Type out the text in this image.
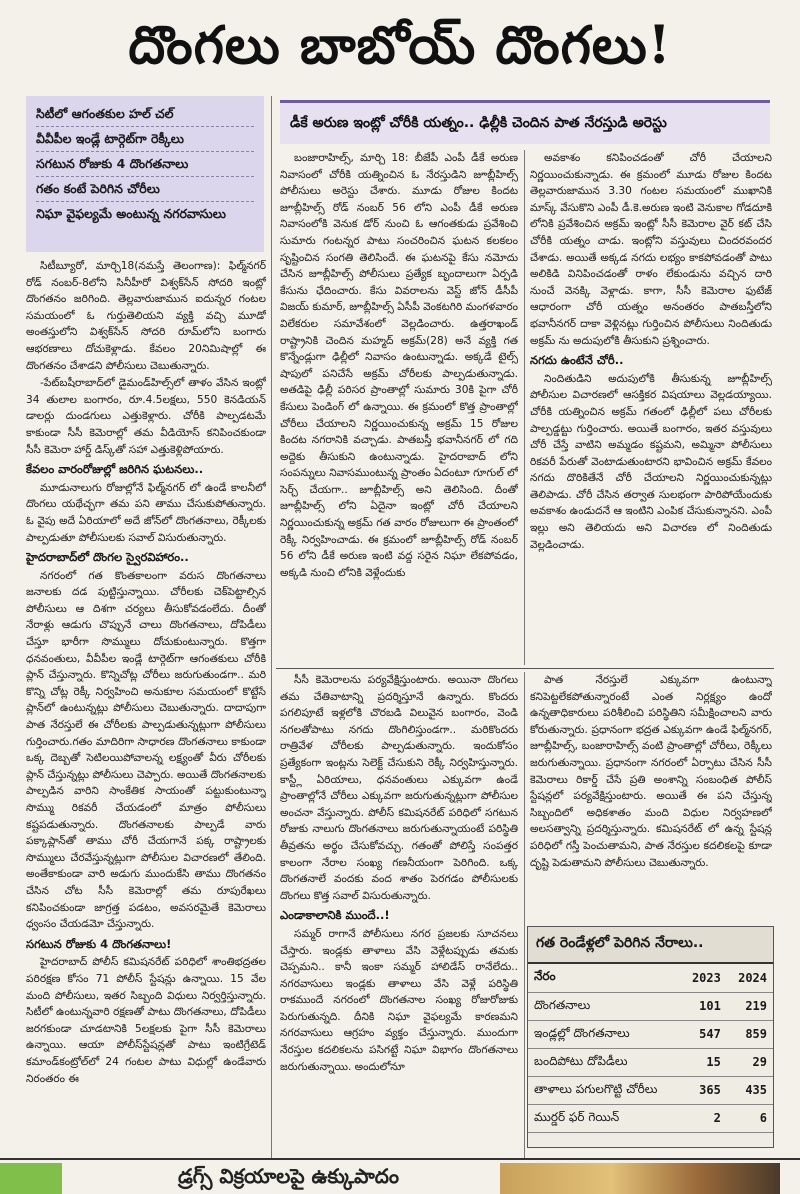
దొంగలు బాబోయ్ దొంగలు!
సిటీలో ఆగంతకుల హల్ చల్
వీవీపీల ఇండ్లే టార్గెట్‌గా రెక్కీలు
సగటున రోజుకు 4 దొంగతనాలు
గతం కంటే పెరిగిన చోరీలు
నిఘా వైఫల్యమే అంటున్న నగరవాసులు
డీకే అరుణ ఇంట్లో చోరీకి యత్నం.. ఢిల్లీకి చెందిన పాత నేరస్తుడి అరెస్టు

సిటీబ్యూరో, మార్చి18(నమస్తే తెలంగాణ): ఫిల్మ్‌నగర్ రోడ్ నంబర్-8లోని సినీహీరో విశ్వక్‌సేన్ సోదరి ఇంట్లో దొంగతనం జరిగింది. తెల్లవారుజామున ఐదున్నర గంటల సమయంలో ఓ గుర్తుతెలియని వ్యక్తి వచ్చి మూడో అంతస్తులోని విశ్వక్‌సేన్ సోదరి రూమ్‌లోని బంగారు ఆభరణాలు దోచుకెళ్లాడు. కేవలం 20నిమిషాల్లో ఈ దొంగతనం చేశాడని పోలీసులు చెబుతున్నారు.

-పేట్‌బషీరాబాద్‌లో డైమండ్‌హిల్స్‌లో తాళం వేసిన ఇంట్లో 34 తులాల బంగారం, రూ.4.5లక్షలు, 550 కెనడియన్ డాలర్లు దుండగులు ఎత్తుకెళ్లారు. చోరీకి పాల్పడటమే కాకుండా సీసీ కెమెరాల్లో తమ వీడియోస్ కనిపించకుండా సీసీ కెమెరా హార్డ్ డిస్క్‌తో సహా ఎత్తుకెళ్లిపోయారు.

కేవలం వారంరోజుల్లో జరిగిన ఘటనలు..

మూడునాలుగు రోజుల్లోనే ఫిల్మ్‌నగర్ లో ఉండే కాలనీలో దొంగలు యథేచ్ఛగా తమ పని తాము చేసుకుపోతున్నారు. ఓ వైపు అదే ఏరియాలో అదే జోన్‌లో దొంగతనాలు, రెక్కీలకు పాల్పడుతూ పోలీసులకు సవాల్ విసురుతున్నారు.

హైదరాబాద్‌లో దొంగల స్వైరవిహారం..

నగరంలో గత కొంతకాలంగా వరుస దొంగతనాలు జనాలకు దడ పుట్టిస్తున్నాయి. చోరీలకు చెక్‌పెట్టాల్సిన పోలీసులు ఆ దిశగా చర్యలు తీసుకోవడంలేదు. దీంతో నేరాళ్లు ఆడుగు చొప్పునే చాలు దొంగతనాలు, దోపిడీలు చేస్తూ భారీగా సొమ్ములు దోచుకుంటున్నారు. కొత్తగా ధనవంతులు, వీవీపీల ఇండ్లే టార్గెట్‌గా ఆగంతకులు చోరీకి ప్లాన్ చేస్తున్నారు. కొన్నిచోట్ల చోరీలు జరుగుతుండగా.. మరి కొన్ని చోట్ల రెక్కీ నిర్వహించి అనుకూల సమయంలో కొట్టేసే ప్లాన్‌లో ఉంటున్నట్లు పోలీసులు చెబుతున్నారు. దాదాపుగా పాత నేరస్తులే ఈ చోరీలకు పాల్పడుతున్నట్లుగా పోలీసులు గుర్తించారు.గతం మాదిరిగా సాధారణ దొంగతనాలు కాకుండా ఒక్క దెబ్బతో సెటిలయిపోవాలన్న లక్ష్యంతో వీరు చోరీలకు ప్లాన్ చేస్తున్నట్లు పోలీసులు చెప్పారు. అయితే దొంగతనాలకు పాల్పడిన వారిని సాంకేతిక సాయంతో పట్టుకుంటున్నా సొమ్ము రికవరీ చేయడంలో మాత్రం పోలీసులు కష్టపడుతున్నారు. దొంగతనాలకు పాల్పడే వారు పక్కాప్లాన్‌తో తాము చోరీ చేయగానే పక్క రాష్ట్రాలకు సొమ్ములు చేరవేస్తున్నట్లుగా పోలీసుల విచారణలో తేలింది. అంతేకాకుండా వారి అడుగు ముందుకేసి తాము దొంగతనం చేసిన చోట సీసీ కెమెరాల్లో తమ రూపురేఖలు కనిపించకుండా జాగ్రత్త పడటం, అవసరమైతే కెమెరాలు ధ్వంసం చేయడమో చేస్తున్నారు.

సగటున రోజుకు 4 దొంగతనాలు!

హైదరాబాద్ పోలీస్ కమిషనరేట్ పరిధిలో శాంతిభద్రతల పరిరక్షణ కోసం 71 పోలీస్ స్టేషన్లు ఉన్నాయి. 15 వేల మంది పోలీసులు, ఇతర సిబ్బంది విధులు నిర్వర్తిస్తున్నారు. సిటీలో ఉంటున్నవారి రక్షణతో పాటు దొంగతనాలు, దోపిడీలు జరగకుండా చూడటానికి 5లక్షలకు పైగా సీసీ కెమెరాలు ఉన్నాయి. ఆయా పోలీస్‌స్టేషన్లతో పాటు ఇంటిగ్రేటెడ్ కమాండ్‌కంట్రోల్‌లో 24 గంటల పాటు విధుల్లో ఉండేవారు నిరంతరం ఈ

బంజారాహిల్స్, మార్చి 18: బీజేపీ ఎంపీ డీకే అరుణ నివాసంలో చోరీకి యత్నించిన ఓ నేరస్తుడిని జూబ్లీహిల్స్ పోలీసులు అరెస్టు చేశారు. మూడు రోజుల కిందట జూబ్లీహిల్స్ రోడ్ నంబర్ 56 లోని ఎంపీ డీకే అరుణ నివాసంలోకి వెనుక డోర్ నుంచి ఓ ఆగంతకుడు ప్రవేశించి సుమారు గంటన్నర పాటు సంచరించిన ఘటన కలకలం సృష్టించిన సంగతి తెలిసిందే. ఈ ఘటనపై కేసు నమోదు చేసిన జూబ్లీహిల్స్ పోలీసులు ప్రత్యేక బృందాలుగా ఏర్పడి కేసును ఛేదించారు. కేసు వివరాలను వెస్ట్ జోన్ డీసీపీ విజయ్ కుమార్, జూబ్లీహిల్స్ ఏసీపీ వెంకటగిరి మంగళవారం విలేకరుల సమావేశంలో వెల్లడించారు. ఉత్తరాఖండ్ రాష్ట్రానికి చెందిన మహ్మద్ అక్రమ్(28) అనే వ్యక్తి గత కొన్నేండ్లుగా ఢిల్లీలో నివాసం ఉంటున్నాడు. అక్కడే టైల్స్ షాపులో పనిచేసే అక్రమ్ చోరీలకు పాల్పడుతున్నాడు. అతడిపై ఢిల్లీ పరిసర ప్రాంతాల్లో సుమారు 30కి పైగా చోరీ కేసులు పెండింగ్ లో ఉన్నాయి. ఈ క్రమంలో కొత్త ప్రాంతాల్లో చోరీలు చేయాలని నిర్ణయించుకున్న అక్రమ్ 15 రోజుల కిందట నగరానికి వచ్చాడు. పాతబస్తీ భవానీనగర్ లో గది అద్దెకు తీసుకుని ఉంటున్నాడు. హైదరాబాద్ లోని సంపన్నులు నివాసముంటున్న ప్రాంతం ఏదంటూ గూగుల్ లో సెర్చ్ చేయగా.. జూబ్లీహిల్స్ అని తెలిసింది. దీంతో జూబ్లీహిల్స్ లోని ఏదైనా ఇంట్లో చోరీ చేయాలని నిర్ణయించుకున్న అక్రమ్ గత వారం రోజులుగా ఈ ప్రాంతంలో రెక్కీ నిర్వహించాడు. ఈ క్రమంలో జూబ్లీహిల్స్ రోడ్ నంబర్ 56 లోని డీకే అరుణ ఇంటి వద్ద సరైన నిఘా లేకపోవడం, అక్కడి నుంచి లోనికి వెళ్లేందుకు

అవకాశం కనిపించడంతో చోరీ చేయాలని నిర్ణయించుకున్నాడు. ఈ క్రమంలో మూడు రోజుల కిందట తెల్లవారుజామున 3.30 గంటల సమయంలో ముఖానికి మాస్క్ వేసుకొని ఎంపీ డీ.కె.అరుణ ఇంటి వెనుకాల గోడదూకి లోనికి ప్రవేశించిన అక్రమ్ ఇంట్లో సీసీ కెమెరాల వైర్ కట్ చేసి చోరీకి యత్నం చాడు. ఇంట్లోని వస్తువులు చిందరవందర చేశాడు. అయితే అక్కడ నగదు లభ్యం కాకపోవడంతో పాటు అలికిడి వినిపించడంతో రాళం లేకుండును వచ్చిన దారి నుంచే వెనక్కి వెళ్లాడు. కాగా, సీసీ కెమెరాల ఫుటేజ్ ఆధారంగా చోరీ యత్నం అనంతరం పాతబస్తీలోని భవానీనగర్ దాకా వెళ్లినట్లు గుర్తించిన పోలీసులు నిందితుడు అక్రమ్ ను అదుపులోకి తీసుకుని ప్రశ్నించారు.

నగదు ఉంటేనే చోరీ..

నిందితుడిని అదుపులోకి తీసుకున్న జూబ్లీహిల్స్ పోలీసుల విచారణలో ఆసక్తికర విషయాలు వెల్లడయ్యాయి. చోరీకి యత్నించిన అక్రమ్ గతంలో ఢిల్లీలో పలు చోరీలకు పాల్పడ్డట్టు గుర్తించారు. అయితే బంగారం, ఇతర వస్తువులు చోరీ చేస్తే వాటిని అమ్మడం కష్టమని, అమ్మినా పోలీసులు రికవరీ పేరుతో వెంటాడుతుంటారని భావించిన అక్రమ్ కేవలం నగదు దొరికితేనే చోరీ చేయాలని నిర్ణయించుకున్నట్లు తెలిపాడు. చోరీ చేసిన తర్వాత సులభంగా పారిపోయేందుకు అవకాశం ఉండుదనే ఆ ఇంటిని ఎంపిక చేసుకున్నానని. ఎంపీ ఇల్లు అని తెలియదు అని విచారణ లో నిందితుడు వెల్లడించాడు.

సీసీ కెమెరాలను పర్యవేక్షిస్తుంటారు. అయినా దొంగలు తమ చేతివాటాన్ని ప్రదర్శిస్తూనే ఉన్నారు. కొందరు పగలిపూటే ఇళ్లలోకి చొరబడి విలువైన బంగారం, వెండి నగలతోపాటు నగదు దొంగిలిస్తుండగా.. మరికొందరు రాత్రివేళ చోరీలకు పాల్పడుతున్నారు. ఇందుకోసం ప్రత్యేకంగా ఇంట్లను సెలెక్ట్ చేసుకుని రెక్కీ నిర్వహిస్తున్నారు. కాస్ట్లీ ఏరియాలు, ధనవంతులు ఎక్కువగా ఉండే ప్రాంతాల్లోనే చోరీలు ఎక్కువగా జరుగుతున్నట్లుగా పోలీసుల అంచనా వేస్తున్నారు. పోలీస్ కమిషనరేట్ పరిధిలో సగటున రోజుకు నాలుగు దొంగతనాలు జరుగుతున్నాయంటే పరిస్థితి తీవ్రతను అర్థం చేసుకోవచ్చు. గతంతో పోలిస్తే సంపత్తర కాలంగా నేరాల సంఖ్య గణనీయంగా పెరిగింది. ఒక్క దొంగతనాలే వందకు వంద శాతం పెరగడం పోలీసులకు దొంగలు కొత్త సవాల్ విసురుతున్నారు.

ఎండాకాలానికి ముందే..!

సమ్మర్ రాగానే పోలీసులు నగర ప్రజలకు సూచనలు చేస్తారు. ఇండ్లకు తాళాలు వేసి వెళ్లేటప్పుడు తమకు చెప్పమని.. కానీ ఇంకా సమ్మర్ హాలిడేస్ రానేలేదు.. నగరవాసులు ఇండ్లకు తాళాలు వేసి వెళ్లే పరిస్థితి రాకముందే నగరంలో దొంగతనాల సంఖ్య రోజురోజుకు పెరుగుతున్నది. దీనికి నిఘా వైఫల్యమే కారణమని నగరవాసులు ఆగ్రహం వ్యక్తం చేస్తున్నారు. ముందుగా నేరస్తుల కదలికలను పసిగట్టే నిఘా విభాగం దొంగతనాలు జరుగుతున్నాయి. అందులోనూ

పాత నేరస్తులే ఎక్కువగా ఉంటున్నా కనిపెట్టలేకపోతున్నారంటే ఎంత నిర్లక్ష్యం ఉందో ఉన్నతాధికారులు పరిశీలించి పరిస్థితిని సమీక్షించాలని వారు కోరుతున్నారు. ప్రధానంగా భద్రత ఎక్కువగా ఉండే ఫిల్మ్‌నగర్, జూబ్లీహిల్స్, బంజారాహిల్స్ వంటి ప్రాంతాల్లో చోరీలు, రెక్కీలు జరుగుతున్నాయి. ప్రధానంగా నగరంలో ఏర్పాటు చేసిన సీసీ కెమెరాలు రికార్డ్ చేసే ప్రతి అంశాన్ని సంబంధిత పోలీస్ స్టేషన్లలో పర్యవేక్షిస్తుంటారు. అయితే ఈ పని చేస్తున్న సిబ్బందిలో అధికశాతం మంది విధుల నిర్వహణలో అలసత్వాన్ని ప్రదర్శిస్తున్నారు. కమిషనరేట్ లో ఉన్న స్టేషన్ల పరిధిలో గస్తీ పెంచుతామని, పాత నేరస్తుల కదలికలపై కూడా దృష్టి పెడుతామని పోలీసులు చెబుతున్నారు.

గత రెండేళ్లలో పెరిగిన నేరాలు..
నేరం	2023	2024
దొంగతనాలు	101	219
ఇండ్లల్లో దొంగతనాలు	547	859
బందిపోటు దోపిడీలు	15	29
తాళాలు పగులగొట్టి చోరీలు	365	435
ముర్డర్ ఫర్ గెయిన్	2	6
డ్రగ్స్ విక్రయాలపై ఉక్కుపాదం
